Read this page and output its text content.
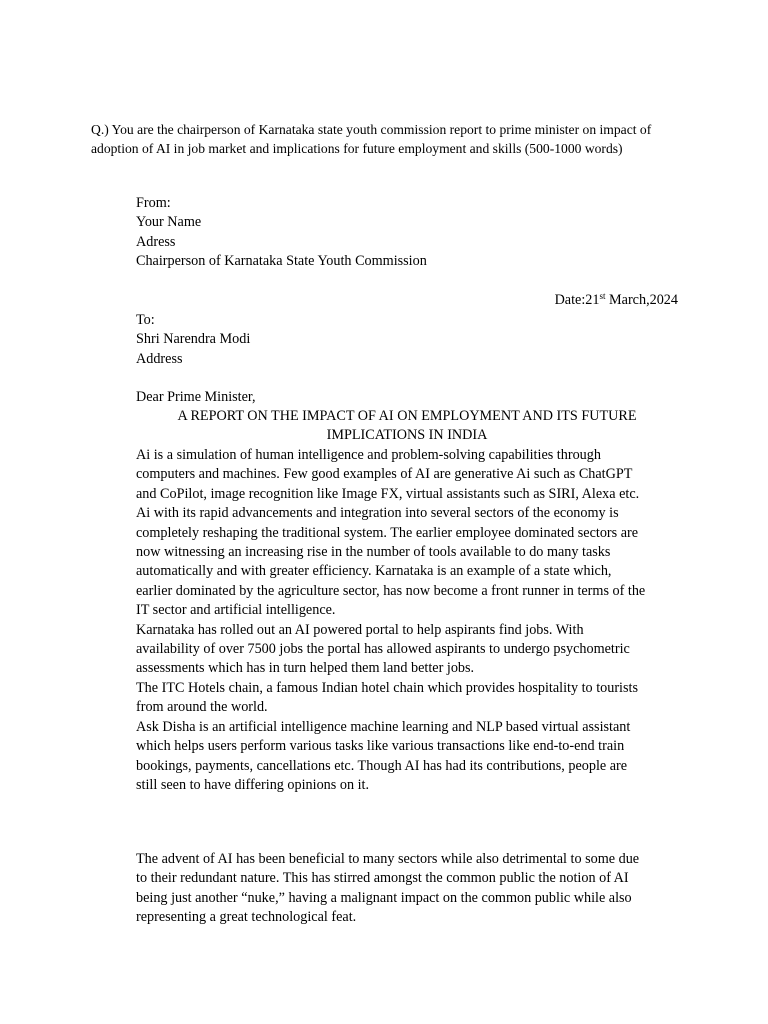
Q.) You are the chairperson of Karnataka state youth commission report to prime minister on impact of
adoption of AI in job market and implications for future employment and skills (500-1000 words)
From:
Your Name
Adress
Chairperson of Karnataka State Youth Commission
Date:21st March,2024
To:
Shri Narendra Modi
Address
Dear Prime Minister,
A REPORT ON THE IMPACT OF AI ON EMPLOYMENT AND ITS FUTURE
IMPLICATIONS IN INDIA
Ai is a simulation of human intelligence and problem-solving capabilities through
computers and machines. Few good examples of AI are generative Ai such as ChatGPT
and CoPilot, image recognition like Image FX, virtual assistants such as SIRI, Alexa etc.
Ai with its rapid advancements and integration into several sectors of the economy is
completely reshaping the traditional system. The earlier employee dominated sectors are
now witnessing an increasing rise in the number of tools available to do many tasks
automatically and with greater efficiency. Karnataka is an example of a state which,
earlier dominated by the agriculture sector, has now become a front runner in terms of the
IT sector and artificial intelligence.
Karnataka has rolled out an AI powered portal to help aspirants find jobs. With
availability of over 7500 jobs the portal has allowed aspirants to undergo psychometric
assessments which has in turn helped them land better jobs.
The ITC Hotels chain, a famous Indian hotel chain which provides hospitality to tourists
from around the world.
Ask Disha is an artificial intelligence machine learning and NLP based virtual assistant
which helps users perform various tasks like various transactions like end-to-end train
bookings, payments, cancellations etc. Though AI has had its contributions, people are
still seen to have differing opinions on it.
The advent of AI has been beneficial to many sectors while also detrimental to some due
to their redundant nature. This has stirred amongst the common public the notion of AI
being just another “nuke,” having a malignant impact on the common public while also
representing a great technological feat.
